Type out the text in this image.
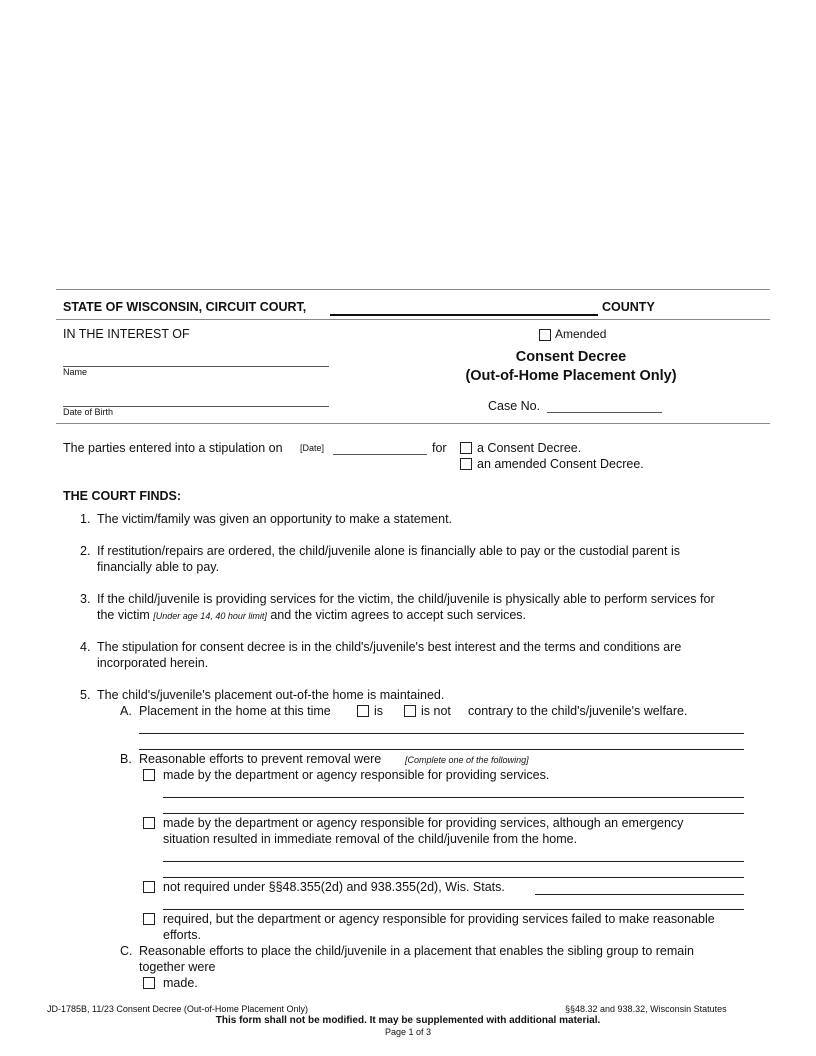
STATE OF WISCONSIN, CIRCUIT COURT,	COUNTY
IN THE INTEREST OF	Amended
Name
Date of Birth
Consent Decree
(Out-of-Home Placement Only)
Case No.
The parties entered into a stipulation on [Date]	for a Consent Decree.
an amended Consent Decree.
THE COURT FINDS:
1. The victim/family was given an opportunity to make a statement.
2. If restitution/repairs are ordered, the child/juvenile alone is financially able to pay or the custodial parent is
financially able to pay.
3. If the child/juvenile is providing services for the victim, the child/juvenile is physically able to perform services for
the victim [Under age 14, 40 hour limit] and the victim agrees to accept such services.
4. The stipulation for consent decree is in the child's/juvenile's best interest and the terms and conditions are
incorporated herein.
5. The child's/juvenile's placement out-of-the home is maintained.
A. Placement in the home at this time	is	is not contrary to the child's/juvenile's welfare.
B. Reasonable efforts to prevent removal were	[Complete one of the following]
made by the department or agency responsible for providing services.
made by the department or agency responsible for providing services, although an emergency
situation resulted in immediate removal of the child/juvenile from the home.
not required under §§48.355(2d) and 938.355(2d), Wis. Stats.
required, but the department or agency responsible for providing services failed to make reasonable
efforts.
C. Reasonable efforts to place the child/juvenile in a placement that enables the sibling group to remain
together were
made.
JD-1785B, 11/23 Consent Decree (Out-of-Home Placement Only)	§§48.32 and 938.32, Wisconsin Statutes
This form shall not be modified. It may be supplemented with additional material.
Page 1 of 3
